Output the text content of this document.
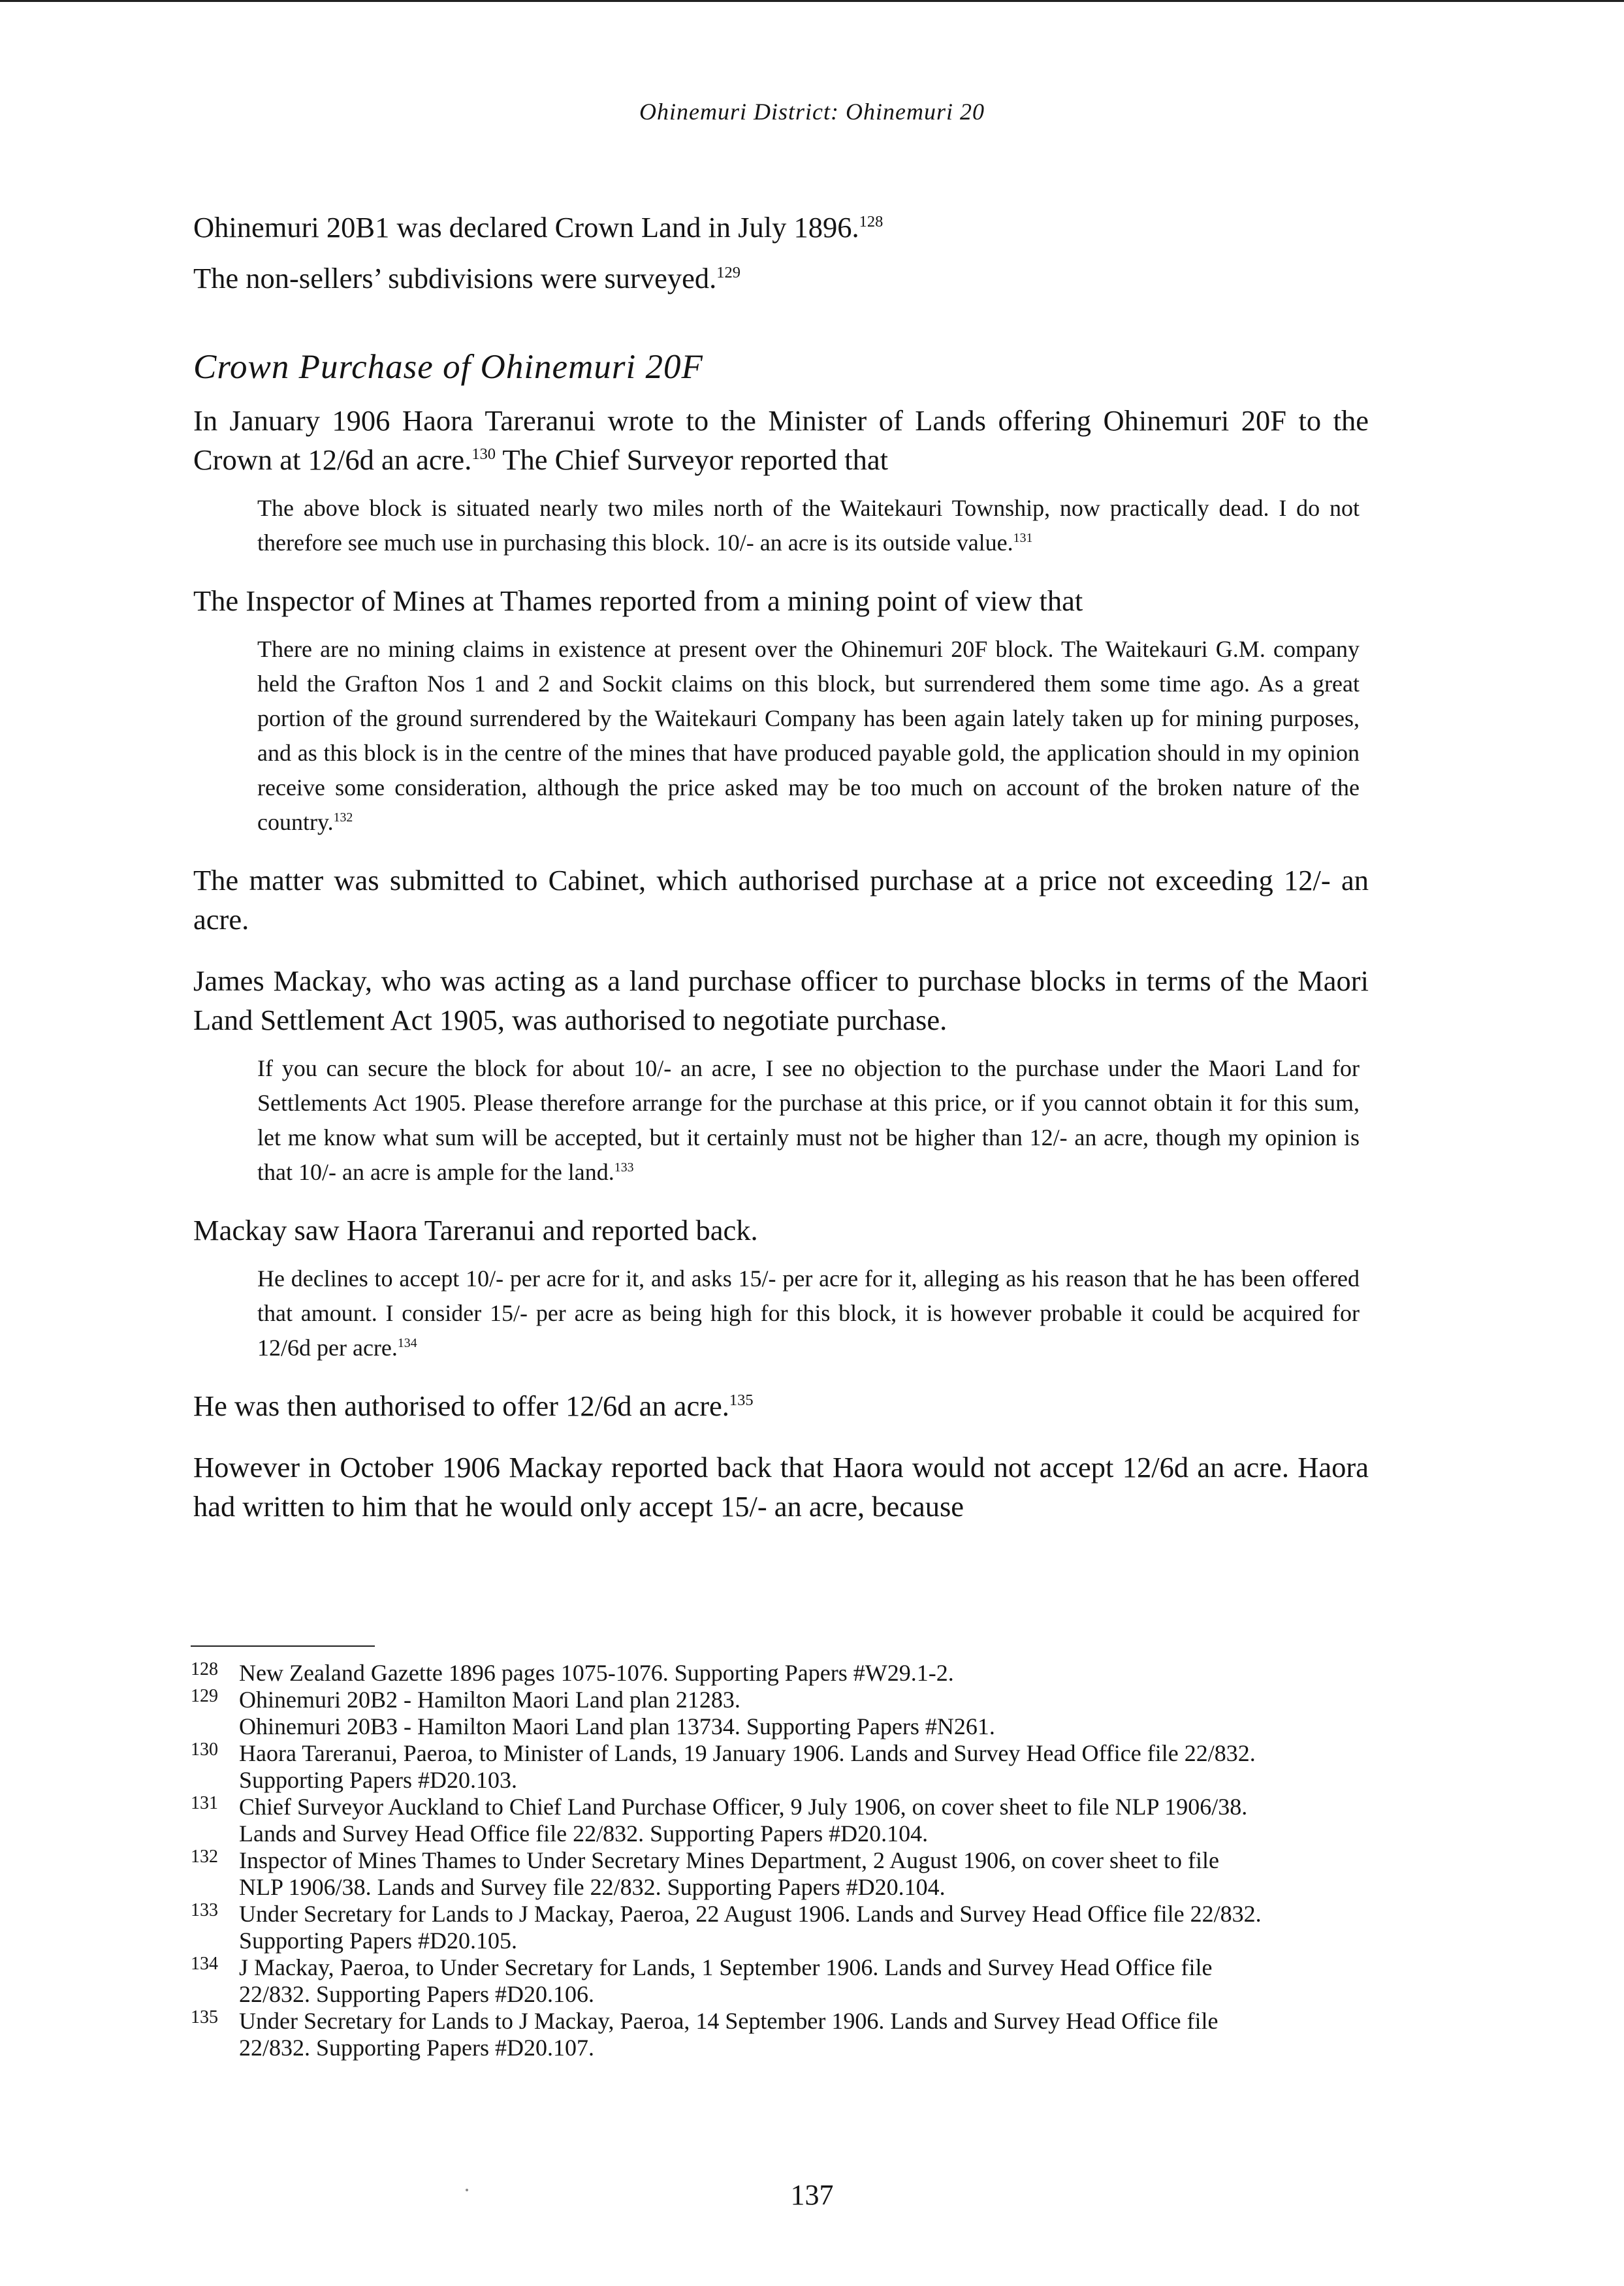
Ohinemuri District: Ohinemuri 20

Ohinemuri 20B1 was declared Crown Land in July 1896.$^{128}$

The non-sellers’ subdivisions were surveyed.$^{129}$

Crown Purchase of Ohinemuri 20F

In January 1906 Haora Tareranui wrote to the Minister of Lands offering Ohinemuri 20F to the Crown at 12/6d an acre.$^{130}$ The Chief Surveyor reported that

The above block is situated nearly two miles north of the Waitekauri Township, now practically dead. I do not therefore see much use in purchasing this block. 10/- an acre is its outside value.$^{131}$

The Inspector of Mines at Thames reported from a mining point of view that

There are no mining claims in existence at present over the Ohinemuri 20F block. The Waitekauri G.M. company held the Grafton Nos 1 and 2 and Sockit claims on this block, but surrendered them some time ago. As a great portion of the ground surrendered by the Waitekauri Company has been again lately taken up for mining purposes, and as this block is in the centre of the mines that have produced payable gold, the application should in my opinion receive some consideration, although the price asked may be too much on account of the broken nature of the country.$^{132}$

The matter was submitted to Cabinet, which authorised purchase at a price not exceeding 12/- an acre.

James Mackay, who was acting as a land purchase officer to purchase blocks in terms of the Maori Land Settlement Act 1905, was authorised to negotiate purchase.

If you can secure the block for about 10/- an acre, I see no objection to the purchase under the Maori Land for Settlements Act 1905. Please therefore arrange for the purchase at this price, or if you cannot obtain it for this sum, let me know what sum will be accepted, but it certainly must not be higher than 12/- an acre, though my opinion is that 10/- an acre is ample for the land.$^{133}$

Mackay saw Haora Tareranui and reported back.

He declines to accept 10/- per acre for it, and asks 15/- per acre for it, alleging as his reason that he has been offered that amount. I consider 15/- per acre as being high for this block, it is however probable it could be acquired for 12/6d per acre.$^{134}$

He was then authorised to offer 12/6d an acre.$^{135}$

However in October 1906 Mackay reported back that Haora would not accept 12/6d an acre. Haora had written to him that he would only accept 15/- an acre, because

128 New Zealand Gazette 1896 pages 1075-1076. Supporting Papers #W29.1-2.
129 Ohinemuri 20B2 - Hamilton Maori Land plan 21283.
Ohinemuri 20B3 - Hamilton Maori Land plan 13734. Supporting Papers #N261.
130 Haora Tareranui, Paeroa, to Minister of Lands, 19 January 1906. Lands and Survey Head Office file 22/832.
Supporting Papers #D20.103.
131 Chief Surveyor Auckland to Chief Land Purchase Officer, 9 July 1906, on cover sheet to file NLP 1906/38.
Lands and Survey Head Office file 22/832. Supporting Papers #D20.104.
132 Inspector of Mines Thames to Under Secretary Mines Department, 2 August 1906, on cover sheet to file
NLP 1906/38. Lands and Survey file 22/832. Supporting Papers #D20.104.
133 Under Secretary for Lands to J Mackay, Paeroa, 22 August 1906. Lands and Survey Head Office file 22/832.
Supporting Papers #D20.105.
134 J Mackay, Paeroa, to Under Secretary for Lands, 1 September 1906. Lands and Survey Head Office file
22/832. Supporting Papers #D20.106.
135 Under Secretary for Lands to J Mackay, Paeroa, 14 September 1906. Lands and Survey Head Office file
22/832. Supporting Papers #D20.107.
137
